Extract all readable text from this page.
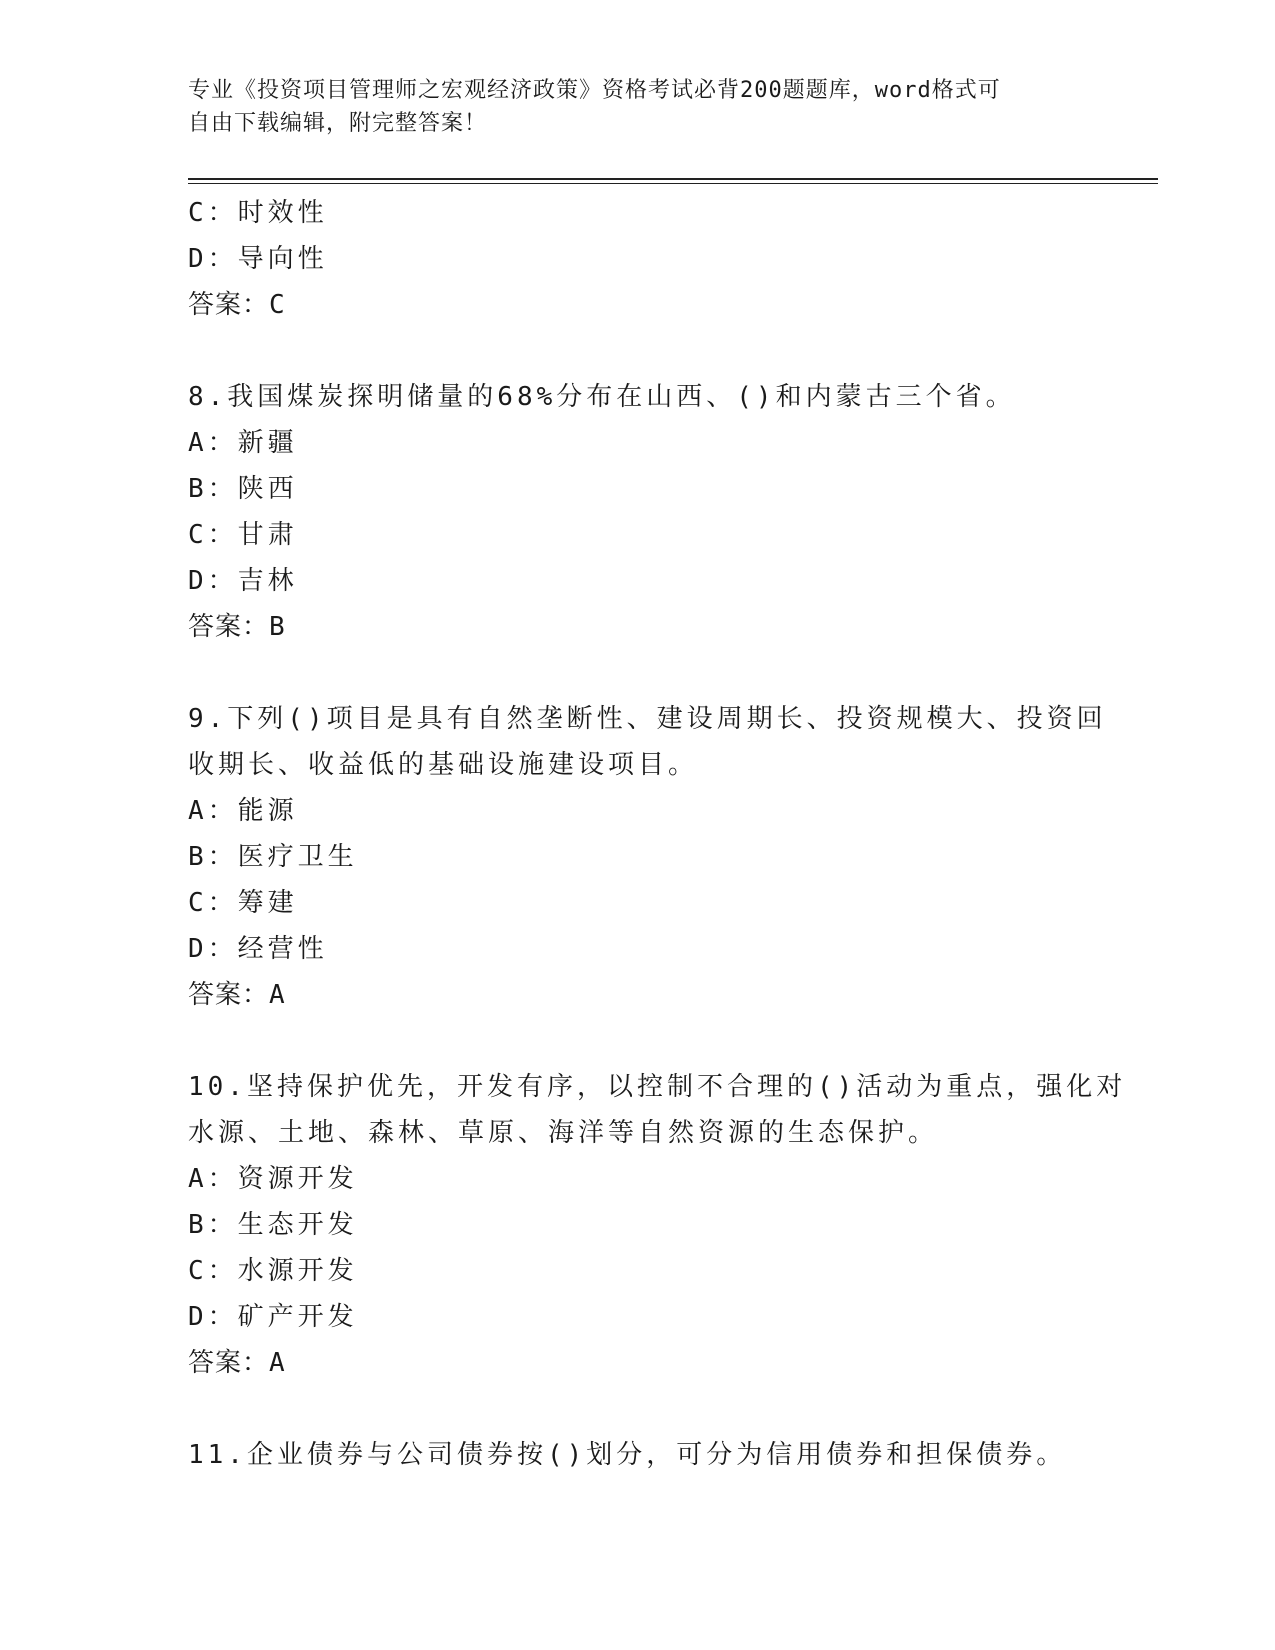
专业《投资项目管理师之宏观经济政策》资格考试必背200题题库，word格式可
自由下载编辑，附完整答案！
C：时效性
D：导向性
答案：C
8.我国煤炭探明储量的68%分布在山西、()和内蒙古三个省。
A：新疆
B：陕西
C：甘肃
D：吉林
答案：B
9.下列()项目是具有自然垄断性、建设周期长、投资规模大、投资回
收期长、收益低的基础设施建设项目。
A：能源
B：医疗卫生
C：筹建
D：经营性
答案：A
10.坚持保护优先，开发有序，以控制不合理的()活动为重点，强化对
水源、土地、森林、草原、海洋等自然资源的生态保护。
A：资源开发
B：生态开发
C：水源开发
D：矿产开发
答案：A
11.企业债券与公司债券按()划分，可分为信用债券和担保债券。
